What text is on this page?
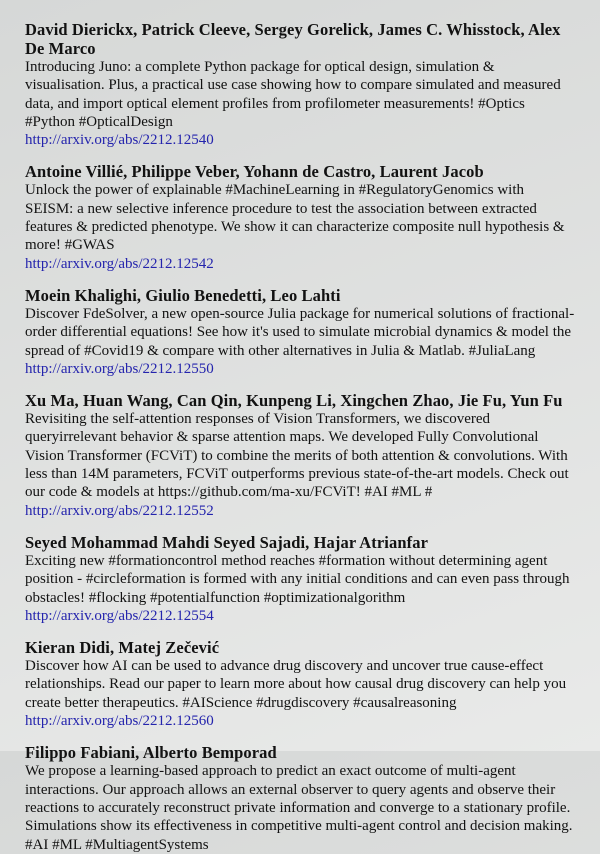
David Dierickx, Patrick Cleeve, Sergey Gorelick, James C. Whisstock, Alex De Marco

Introducing Juno: a complete Python package for optical design, simulation & visualisation. Plus, a practical use case showing how to compare simulated and measured data, and import optical element profiles from profilometer measurements! #Optics #Python #OpticalDesign

http://arxiv.org/abs/2212.12540
Antoine Villié, Philippe Veber, Yohann de Castro, Laurent Jacob

Unlock the power of explainable #MachineLearning in #RegulatoryGenomics with SEISM: a new selective inference procedure to test the association between extracted features & predicted phenotype. We show it can characterize composite null hypothesis & more! #GWAS

http://arxiv.org/abs/2212.12542
Moein Khalighi, Giulio Benedetti, Leo Lahti

Discover FdeSolver, a new open-source Julia package for numerical solutions of fractional-order differential equations! See how it's used to simulate microbial dynamics & model the spread of #Covid19 & compare with other alternatives in Julia & Matlab. #JuliaLang

http://arxiv.org/abs/2212.12550
Xu Ma, Huan Wang, Can Qin, Kunpeng Li, Xingchen Zhao, Jie Fu, Yun Fu

Revisiting the self-attention responses of Vision Transformers, we discovered queryirrelevant behavior & sparse attention maps. We developed Fully Convolutional Vision Transformer (FCViT) to combine the merits of both attention & convolutions. With less than 14M parameters, FCViT outperforms previous state-of-the-art models. Check out our code & models at https://github.com/ma-xu/FCViT! #AI #ML #

http://arxiv.org/abs/2212.12552
Seyed Mohammad Mahdi Seyed Sajadi, Hajar Atrianfar

Exciting new #formationcontrol method reaches #formation without determining agent position - #circleformation is formed with any initial conditions and can even pass through obstacles! #flocking #potentialfunction #optimizationalgorithm

http://arxiv.org/abs/2212.12554
Kieran Didi, Matej Zečević

Discover how AI can be used to advance drug discovery and uncover true cause-effect relationships. Read our paper to learn more about how causal drug discovery can help you create better therapeutics. #AIScience #drugdiscovery #causalreasoning

http://arxiv.org/abs/2212.12560
Filippo Fabiani, Alberto Bemporad

We propose a learning-based approach to predict an exact outcome of multi-agent interactions. Our approach allows an external observer to query agents and observe their reactions to accurately reconstruct private information and converge to a stationary profile. Simulations show its effectiveness in competitive multi-agent control and decision making. #AI #ML #MultiagentSystems
